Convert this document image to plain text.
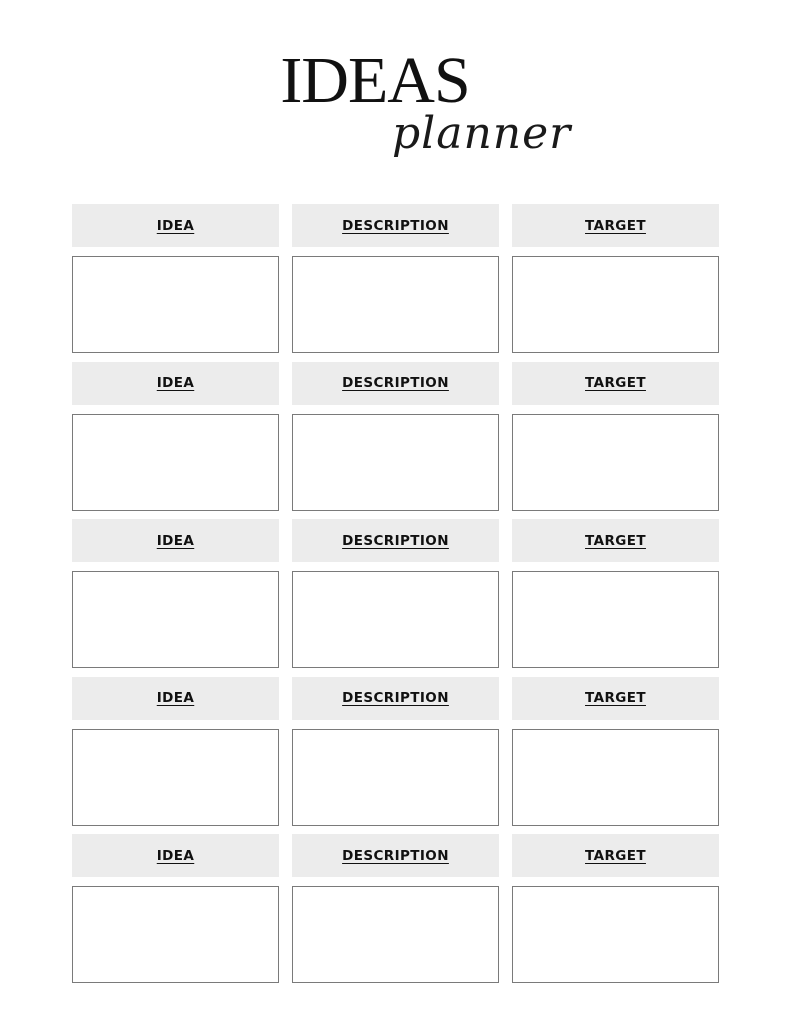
IDEAS
planner
IDEA	DESCRIPTION	TARGET
IDEA	DESCRIPTION	TARGET
IDEA	DESCRIPTION	TARGET
IDEA	DESCRIPTION	TARGET
IDEA	DESCRIPTION	TARGET
